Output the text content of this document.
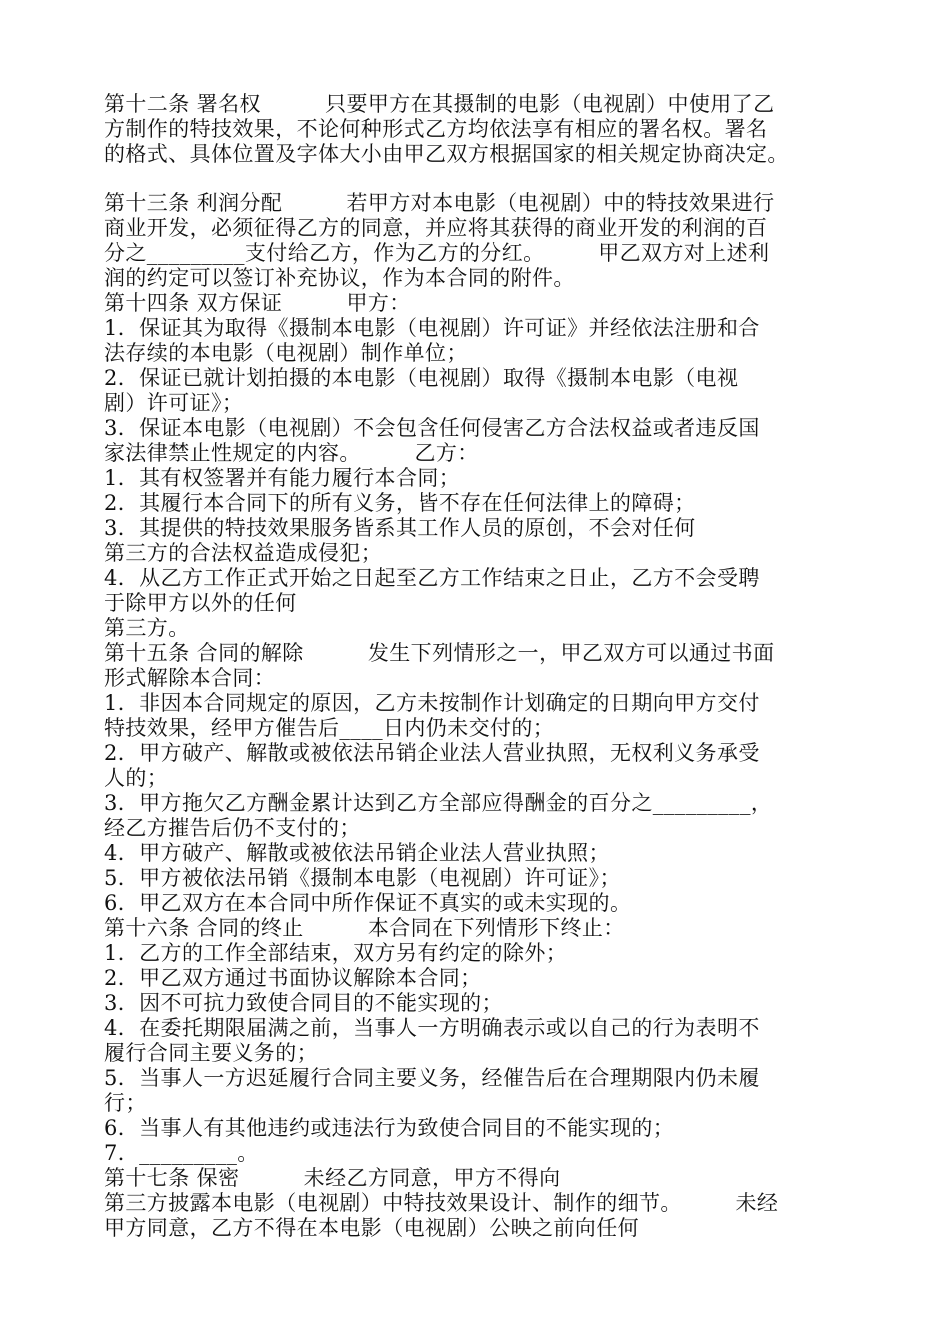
第十二条 署名权　　　只要甲方在其摄制的电影（电视剧）中使用了乙
方制作的特技效果，不论何种形式乙方均依法享有相应的署名权。署名
的格式、具体位置及字体大小由甲乙双方根据国家的相关规定协商决定。
第十三条 利润分配　　　若甲方对本电影（电视剧）中的特技效果进行
商业开发，必须征得乙方的同意，并应将其获得的商业开发的利润的百
分之_________支付给乙方，作为乙方的分红。　　　甲乙双方对上述利
润的约定可以签订补充协议，作为本合同的附件。
第十四条 双方保证　　　甲方：
1．保证其为取得《摄制本电影（电视剧）许可证》并经依法注册和合
法存续的本电影（电视剧）制作单位；
2．保证已就计划拍摄的本电影（电视剧）取得《摄制本电影（电视
剧）许可证》；
3．保证本电影（电视剧）不会包含任何侵害乙方合法权益或者违反国
家法律禁止性规定的内容。　　　乙方：
1．其有权签署并有能力履行本合同；
2．其履行本合同下的所有义务，皆不存在任何法律上的障碍；
3．其提供的特技效果服务皆系其工作人员的原创，不会对任何
第三方的合法权益造成侵犯；
4．从乙方工作正式开始之日起至乙方工作结束之日止，乙方不会受聘
于除甲方以外的任何
第三方。
第十五条 合同的解除　　　发生下列情形之一，甲乙双方可以通过书面
形式解除本合同：
1．非因本合同规定的原因，乙方未按制作计划确定的日期向甲方交付
特技效果，经甲方催告后____日内仍未交付的；
2．甲方破产、解散或被依法吊销企业法人营业执照，无权利义务承受
人的；
3．甲方拖欠乙方酬金累计达到乙方全部应得酬金的百分之_________，
经乙方摧告后仍不支付的；
4．甲方破产、解散或被依法吊销企业法人营业执照；
5．甲方被依法吊销《摄制本电影（电视剧）许可证》；
6．甲乙双方在本合同中所作保证不真实的或未实现的。
第十六条 合同的终止　　　本合同在下列情形下终止：
1．乙方的工作全部结束，双方另有约定的除外；
2．甲乙双方通过书面协议解除本合同；
3．因不可抗力致使合同目的不能实现的；
4．在委托期限届满之前，当事人一方明确表示或以自己的行为表明不
履行合同主要义务的；
5．当事人一方迟延履行合同主要义务，经催告后在合理期限内仍未履
行；
6．当事人有其他违约或违法行为致使合同目的不能实现的；
7．_________。
第十七条 保密　　　未经乙方同意，甲方不得向
第三方披露本电影（电视剧）中特技效果设计、制作的细节。　　　未经
甲方同意，乙方不得在本电影（电视剧）公映之前向任何
